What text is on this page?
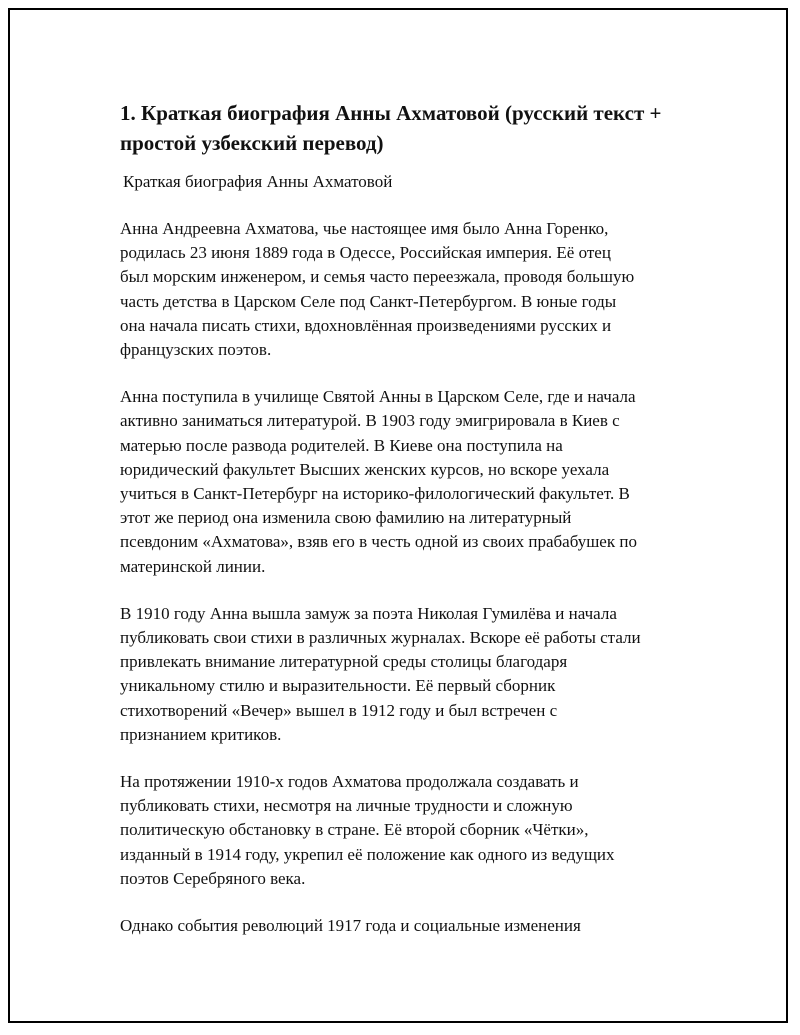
1. Краткая биография Анны Ахматовой (русский текст +
простой узбекский перевод)
Краткая биография Анны Ахматовой
Анна Андреевна Ахматова, чье настоящее имя было Анна Горенко,
родилась 23 июня 1889 года в Одессе, Российская империя. Её отец
был морским инженером, и семья часто переезжала, проводя большую
часть детства в Царском Селе под Санкт-Петербургом. В юные годы
она начала писать стихи, вдохновлённая произведениями русских и
французских поэтов.
Анна поступила в училище Святой Анны в Царском Селе, где и начала
активно заниматься литературой. В 1903 году эмигрировала в Киев с
матерью после развода родителей. В Киеве она поступила на
юридический факультет Высших женских курсов, но вскоре уехала
учиться в Санкт-Петербург на историко-филологический факультет. В
этот же период она изменила свою фамилию на литературный
псевдоним «Ахматова», взяв его в честь одной из своих прабабушек по
материнской линии.
В 1910 году Анна вышла замуж за поэта Николая Гумилёва и начала
публиковать свои стихи в различных журналах. Вскоре её работы стали
привлекать внимание литературной среды столицы благодаря
уникальному стилю и выразительности. Её первый сборник
стихотворений «Вечер» вышел в 1912 году и был встречен с
признанием критиков.
На протяжении 1910-х годов Ахматова продолжала создавать и
публиковать стихи, несмотря на личные трудности и сложную
политическую обстановку в стране. Её второй сборник «Чётки»,
изданный в 1914 году, укрепил её положение как одного из ведущих
поэтов Серебряного века.
Однако события революций 1917 года и социальные изменения
